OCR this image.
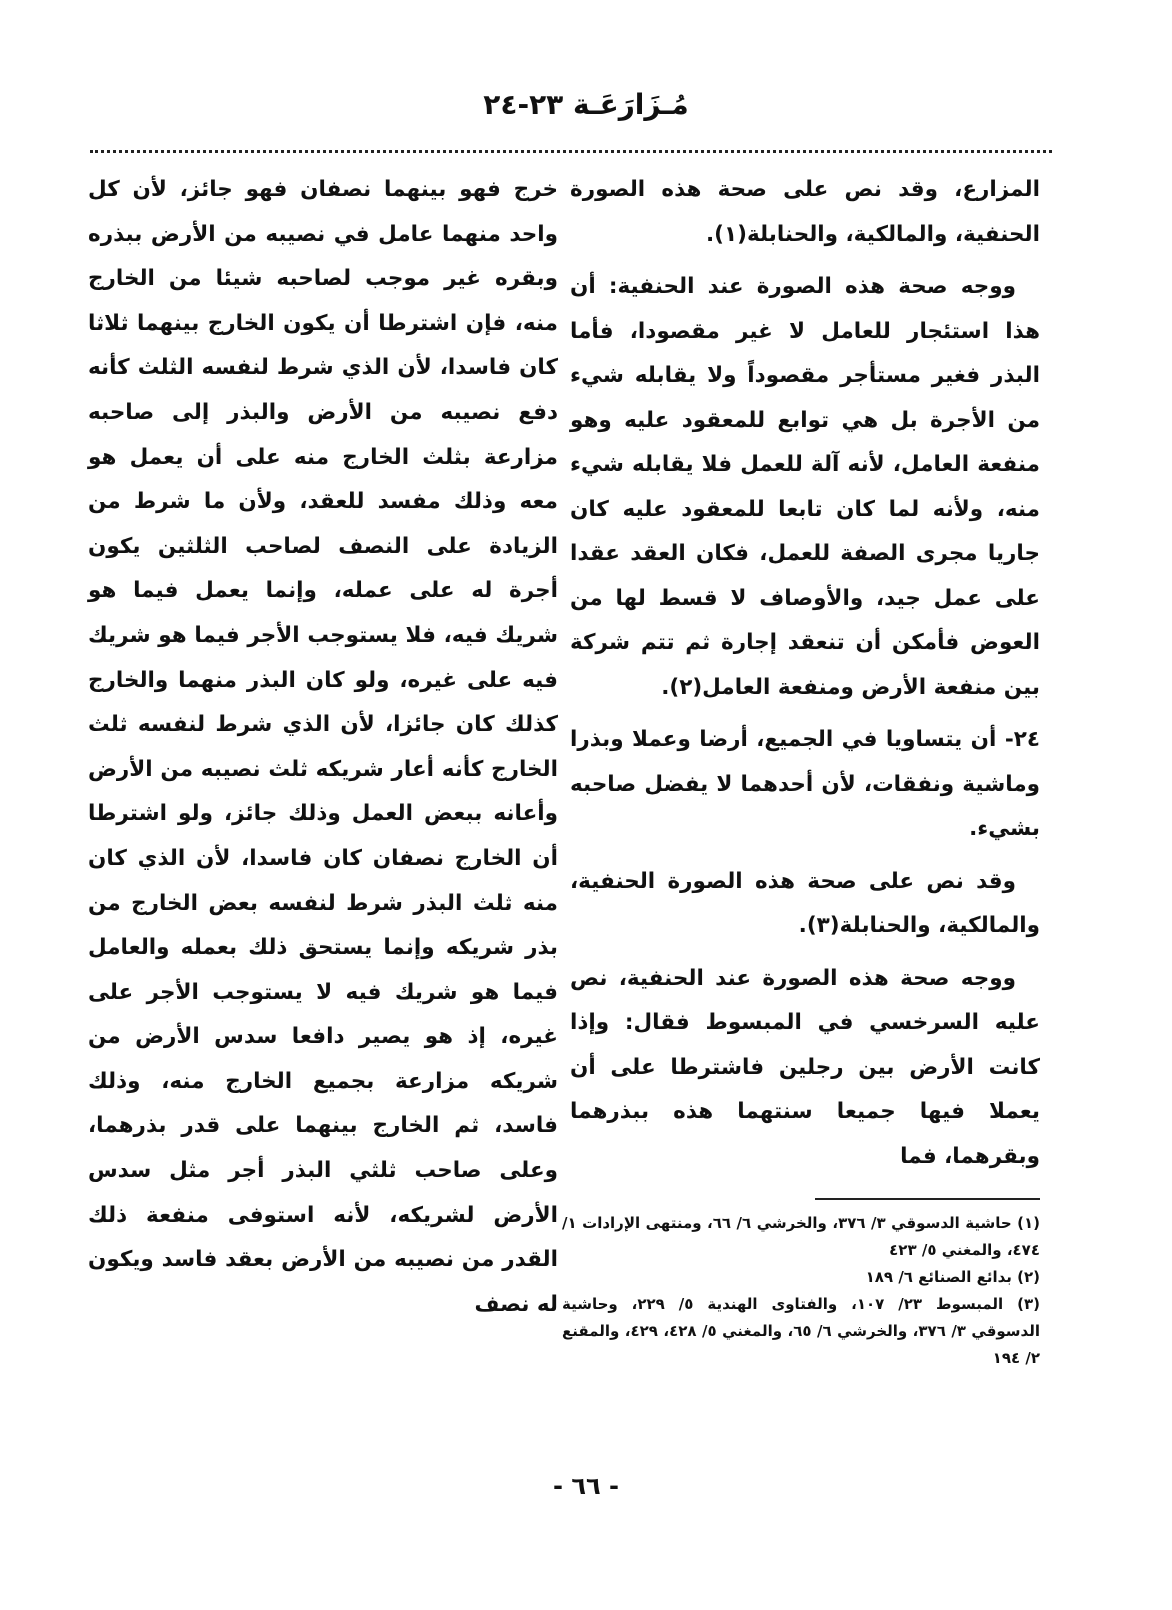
مُـزَارَعَـة ٢٣-٢٤

المزارع، وقد نص على صحة هذه الصورة الحنفية، والمالكية، والحنابلة(١).

ووجه صحة هذه الصورة عند الحنفية: أن هذا استئجار للعامل لا غير مقصودا، فأما البذر فغير مستأجر مقصوداً ولا يقابله شيء من الأجرة بل هي توابع للمعقود عليه وهو منفعة العامل، لأنه آلة للعمل فلا يقابله شيء منه، ولأنه لما كان تابعا للمعقود عليه كان جاريا مجرى الصفة للعمل، فكان العقد عقدا على عمل جيد، والأوصاف لا قسط لها من العوض فأمكن أن تنعقد إجارة ثم تتم شركة بين منفعة الأرض ومنفعة العامل(٢).

٢٤- أن يتساويا في الجميع، أرضا وعملا وبذرا وماشية ونفقات، لأن أحدهما لا يفضل صاحبه بشيء.

وقد نص على صحة هذه الصورة الحنفية، والمالكية، والحنابلة(٣).

ووجه صحة هذه الصورة عند الحنفية، نص عليه السرخسي في المبسوط فقال: وإذا كانت الأرض بين رجلين فاشترطا على أن يعملا فيها جميعا سنتهما هذه ببذرهما وبقرهما، فما

خرج فهو بينهما نصفان فهو جائز، لأن كل واحد منهما عامل في نصيبه من الأرض ببذره وبقره غير موجب لصاحبه شيئا من الخارج منه، فإن اشترطا أن يكون الخارج بينهما ثلاثا كان فاسدا، لأن الذي شرط لنفسه الثلث كأنه دفع نصيبه من الأرض والبذر إلى صاحبه مزارعة بثلث الخارج منه على أن يعمل هو معه وذلك مفسد للعقد، ولأن ما شرط من الزيادة على النصف لصاحب الثلثين يكون أجرة له على عمله، وإنما يعمل فيما هو شريك فيه، فلا يستوجب الأجر فيما هو شريك فيه على غيره، ولو كان البذر منهما والخارج كذلك كان جائزا، لأن الذي شرط لنفسه ثلث الخارج كأنه أعار شريكه ثلث نصيبه من الأرض وأعانه ببعض العمل وذلك جائز، ولو اشترطا أن الخارج نصفان كان فاسدا، لأن الذي كان منه ثلث البذر شرط لنفسه بعض الخارج من بذر شريكه وإنما يستحق ذلك بعمله والعامل فيما هو شريك فيه لا يستوجب الأجر على غيره، إذ هو يصير دافعا سدس الأرض من شريكه مزارعة بجميع الخارج منه، وذلك فاسد، ثم الخارج بينهما على قدر بذرهما، وعلى صاحب ثلثي البذر أجر مثل سدس الأرض لشريكه، لأنه استوفى منفعة ذلك القدر من نصيبه من الأرض بعقد فاسد ويكون له نصف

(١) حاشية الدسوقي ٣/ ٣٧٦، والخرشي ٦/ ٦٦، ومنتهى الإرادات ١/ ٤٧٤، والمغني ٥/ ٤٢٣

(٢) بدائع الصنائع ٦/ ١٨٩

(٣) المبسوط ٢٣/ ١٠٧، والفتاوى الهندية ٥/ ٢٢٩، وحاشية الدسوقي ٣/ ٣٧٦، والخرشي ٦/ ٦٥، والمغني ٥/ ٤٢٨، ٤٢٩، والمقنع ٢/ ١٩٤

- ٦٦ -
